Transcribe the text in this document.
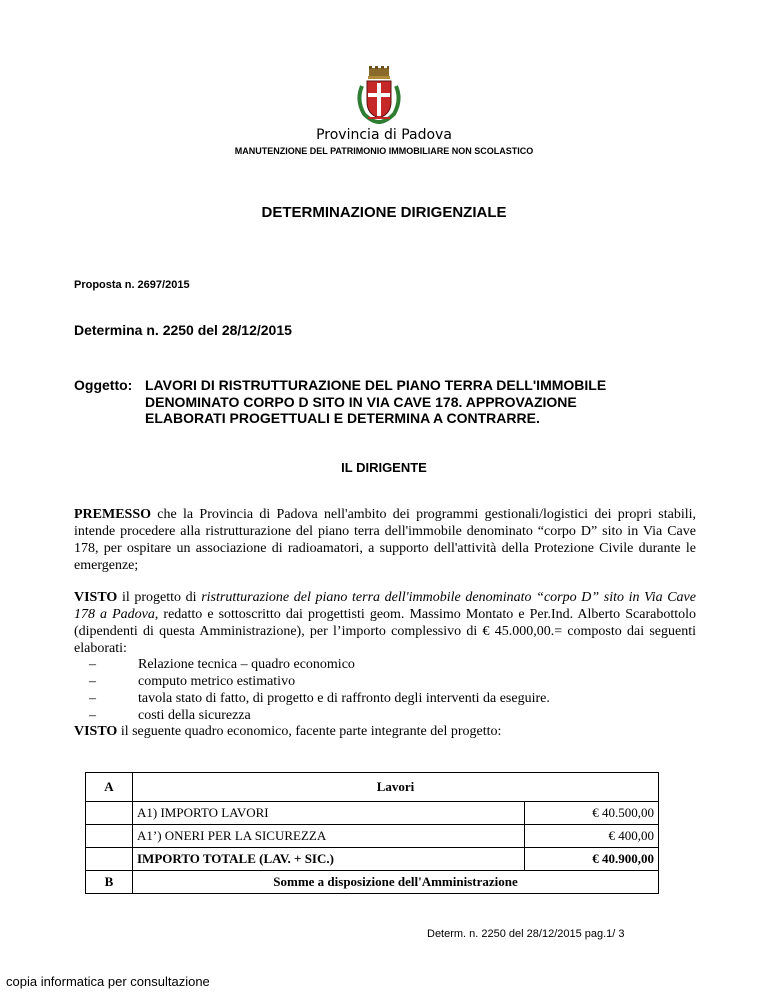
Provincia di Padova
MANUTENZIONE DEL PATRIMONIO IMMOBILIARE NON SCOLASTICO
DETERMINAZIONE DIRIGENZIALE
Proposta n. 2697/2015
Determina n. 2250 del 28/12/2015
Oggetto: LAVORI DI RISTRUTTURAZIONE DEL PIANO TERRA DELL'IMMOBILE
DENOMINATO CORPO D SITO IN VIA CAVE 178. APPROVAZIONE
ELABORATI PROGETTUALI E DETERMINA A CONTRARRE.
IL DIRIGENTE
PREMESSO che la Provincia di Padova nell'ambito dei programmi gestionali/logistici dei propri stabili, intende procedere alla ristrutturazione del piano terra dell'immobile denominato “corpo D” sito in Via Cave 178, per ospitare un associazione di radioamatori, a supporto dell'attività della Protezione Civile durante le emergenze;
VISTO il progetto di ristrutturazione del piano terra dell'immobile denominato “corpo D” sito in Via Cave 178 a Padova, redatto e sottoscritto dai progettisti geom. Massimo Montato e Per.Ind. Alberto Scarabottolo (dipendenti di questa Amministrazione), per l’importo complessivo di € 45.000,00.= composto dai seguenti elaborati:
–	Relazione tecnica – quadro economico
–	computo metrico estimativo
–	tavola stato di fatto, di progetto e di raffronto degli interventi da eseguire.
–	costi della sicurezza
VISTO il seguente quadro economico, facente parte integrante del progetto:
A	Lavori	
	A1) IMPORTO LAVORI	€ 40.500,00
	A1’) ONERI PER LA SICUREZZA	€ 400,00
	IMPORTO TOTALE (LAV. + SIC.)	€ 40.900,00
B	Somme a disposizione dell'Amministrazione	
Determ. n. 2250 del 28/12/2015 pag.1/ 3
copia informatica per consultazione
